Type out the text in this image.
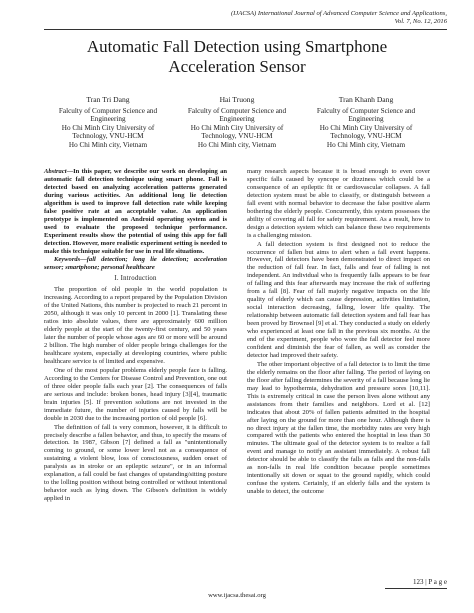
(IJACSA) International Journal of Advanced Computer Science and Applications,
Vol. 7, No. 12, 2016
Automatic Fall Detection using Smartphone
Acceleration Sensor
Tran Tri Dang
Falculty of Computer Science and
Engineering
Ho Chi Minh City University of
Technology, VNU-HCM
Ho Chi Minh city, Vietnam
Hai Truong
Falculty of Computer Science and
Engineering
Ho Chi Minh City University of
Technology, VNU-HCM
Ho Chi Minh city, Vietnam
Tran Khanh Dang
Falculty of Computer Science and
Engineering
Ho Chi Minh City University of
Technology, VNU-HCM
Ho Chi Minh city, Vietnam

Abstract—In this paper, we describe our work on developing an automatic fall detection technique using smart phone. Fall is detected based on analyzing acceleration patterns generated during various activities. An additional long lie detection algorithm is used to improve fall detection rate while keeping false positive rate at an acceptable value. An application prototype is implemented on Android operating system and is used to evaluate the proposed technique performance. Experiment results show the potential of using this app for fall detection. However, more realistic experiment setting is needed to make this technique suitable for use in real life situations.

Keywords—fall detection; long lie detection; acceleration sensor; smartphone; personal healthcare

I. Introduction

The proportion of old people in the world population is increasing. According to a report prepared by the Population Division of the United Nations, this number is projected to reach 21 percent in 2050, although it was only 10 percent in 2000 [1]. Translating these ratios into absolute values, there are approximately 600 million elderly people at the start of the twenty-first century, and 50 years later the number of people whose ages are 60 or more will be around 2 billion. The high number of older people brings challenges for the healthcare system, especially at developing countries, where public healthcare service is of limited and expensive.

One of the most popular problems elderly people face is falling. According to the Centers for Disease Control and Prevention, one out of three older people falls each year [2]. The consequences of falls are serious and include: broken bones, head injury [3][4], traumatic brain injuries [5]. If prevention solutions are not invested in the immediate future, the number of injuries caused by falls will be double in 2030 due to the increasing portion of old people [6].

The definition of fall is very common, however, it is difficult to precisely describe a fallen behavior, and thus, to specify the means of detection. In 1987, Gibson [7] defined a fall as "unintentionally coming to ground, or some lower level not as a consequence of sustaining a violent blow, loss of consciousness, sudden onset of paralysis as in stroke or an epileptic seizure", or in an informal explanation, a fall could be fast changes of upstanding/sitting posture to the lolling position without being controlled or without intentional behavior such as lying down. The Gibson's definition is widely applied in

many research aspects because it is broad enough to even cover specific falls caused by syncope or dizziness which could be a consequence of an epileptic fit or cardiovascular collapses. A fall detection system must be able to classify, or distinguish between a fall event with normal behavior to decrease the false positive alarm bothering the elderly people. Concurrently, this system possesses the ability of covering all fall for safety requirement. As a result, how to design a detection system which can balance these two requirements is a challenging mission.

A fall detection system is first designed not to reduce the occurrence of fallen but aims to alert when a fall event happens. However, fall detectors have been demonstrated to direct impact on the reduction of fall fear. In fact, falls and fear of falling is not independent. An individual who is frequently falls appears to be fear of falling and this fear afterwards may increase the risk of suffering from a fall [8]. Fear of fall majorly negative impacts on the life quality of elderly which can cause depression, activities limitation, social interaction decreasing, falling, lower life quality. The relationship between automatic fall detection system and fall fear has been proved by Brownsel [9] et al. They conducted a study on elderly who experienced at least one fall in the previous six months. At the end of the experiment, people who wore the fall detector feel more confident and diminish the fear of fallen, as well as consider the detector had improved their safety.

The other important objective of a fall detector is to limit the time the elderly remains on the floor after falling. The period of laying on the floor after falling determines the severity of a fall because long lie may lead to hypothermia, dehydration and pressure sores [10,11]. This is extremely critical in case the person lives alone without any assistances from their families and neighbors. Lord et al. [12] indicates that about 20% of fallen patients admitted in the hospital after laying on the ground for more than one hour. Although there is no direct injury at the fallen time, the morbidity rates are very high compared with the patients who entered the hospital in less than 30 minutes. The ultimate goal of the detector system is to realize a fall event and manage to notify an assistant immediately. A robust fall detector should be able to classify the falls as falls and the non-falls as non-falls in real life condition because people sometimes intentionally sit down or squat to the ground rapidly, which could confuse the system. Certainly, if an elderly falls and the system is unable to detect, the outcome

123 | P a g e
www.ijacsa.thesai.org
